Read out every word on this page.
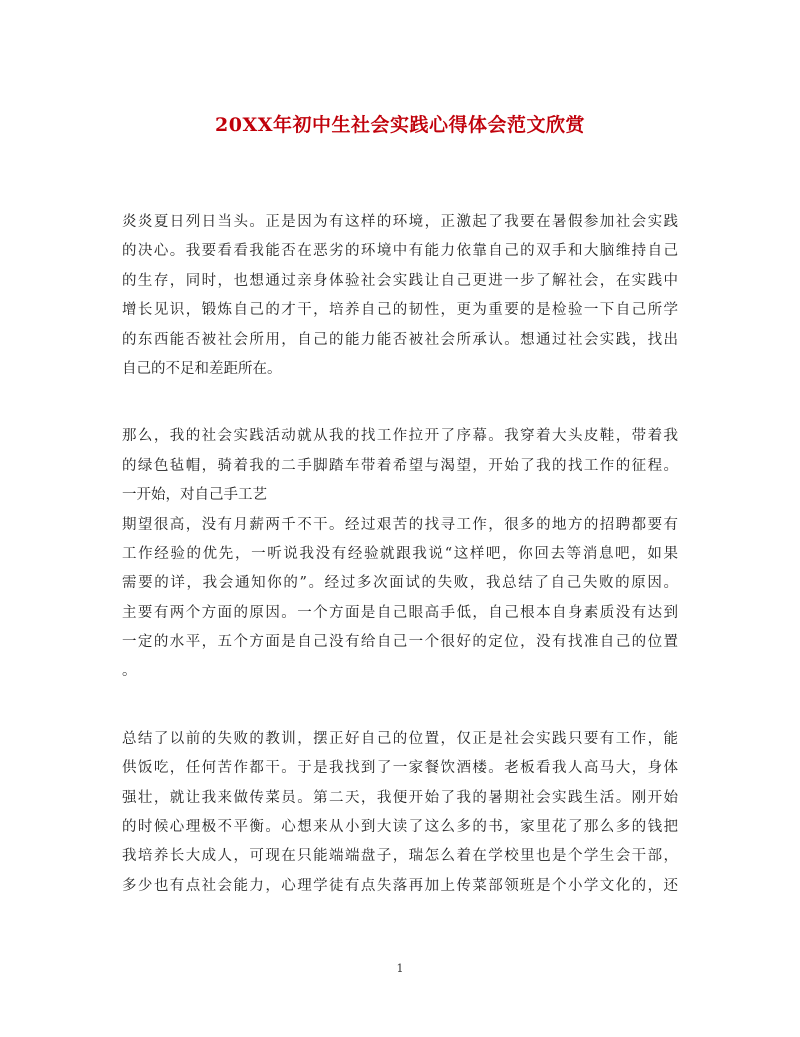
20XX年初中生社会实践心得体会范文欣赏
炎炎夏日列日当头。正是因为有这样的环境，正激起了我要在暑假参加社会实践
的决心。我要看看我能否在恶劣的环境中有能力依靠自己的双手和大脑维持自己
的生存，同时，也想通过亲身体验社会实践让自己更进一步了解社会，在实践中
增长见识，锻炼自己的才干，培养自己的韧性，更为重要的是检验一下自己所学
的东西能否被社会所用，自己的能力能否被社会所承认。想通过社会实践，找出
自己的不足和差距所在。
那么，我的社会实践活动就从我的找工作拉开了序幕。我穿着大头皮鞋，带着我
的绿色毡帽，骑着我的二手脚踏车带着希望与渴望，开始了我的找工作的征程。
一开始，对自己手工艺
期望很高，没有月薪两千不干。经过艰苦的找寻工作，很多的地方的招聘都要有
工作经验的优先，一听说我没有经验就跟我说“这样吧，你回去等消息吧，如果
需要的详，我会通知你的”。经过多次面试的失败，我总结了自己失败的原因。
主要有两个方面的原因。一个方面是自己眼高手低，自己根本自身素质没有达到
一定的水平，五个方面是自己没有给自己一个很好的定位，没有找准自己的位置
。
总结了以前的失败的教训，摆正好自己的位置，仅正是社会实践只要有工作，能
供饭吃，任何苦作都干。于是我找到了一家餐饮酒楼。老板看我人高马大，身体
强壮，就让我来做传菜员。第二天，我便开始了我的暑期社会实践生活。刚开始
的时候心理极不平衡。心想来从小到大读了这么多的书，家里花了那么多的钱把
我培养长大成人，可现在只能端端盘子，瑞怎么着在学校里也是个学生会干部，
多少也有点社会能力，心理学徒有点失落再加上传菜部领班是个小学文化的，还
1
